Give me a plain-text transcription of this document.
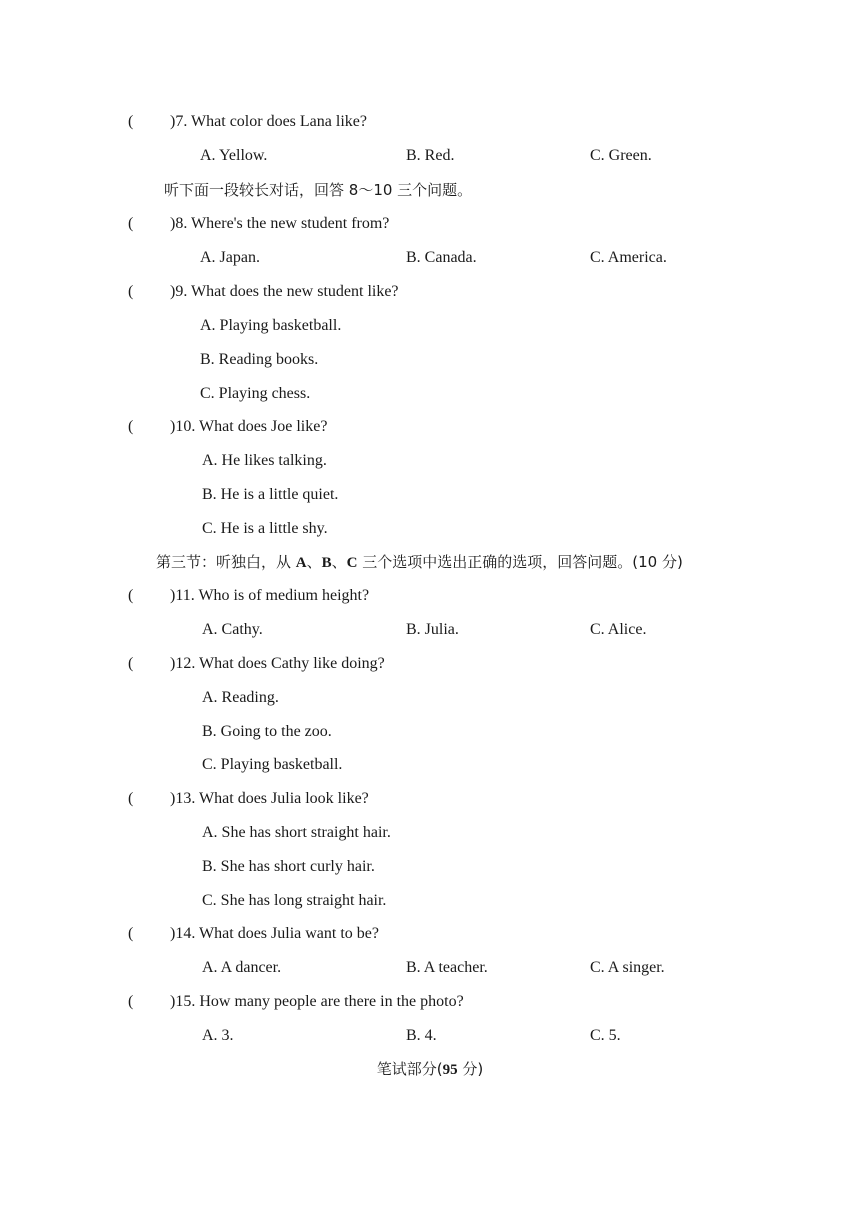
( )7. What color does Lana like?
A. Yellow.	B. Red.	C. Green.
听下面一段较长对话，回答 8～10 三个问题。
( )8. Where's the new student from?
A. Japan.	B. Canada.	C. America.
( )9. What does the new student like?
A. Playing basketball.
B. Reading books.
C. Playing chess.
( )10. What does Joe like?
A. He likes talking.
B. He is a little quiet.
C. He is a little shy.
第三节：听独白，从 A、B、C 三个选项中选出正确的选项，回答问题。(10 分)
( )11. Who is of medium height?
A. Cathy.	B. Julia.	C. Alice.
( )12. What does Cathy like doing?
A. Reading.
B. Going to the zoo.
C. Playing basketball.
( )13. What does Julia look like?
A. She has short straight hair.
B. She has short curly hair.
C. She has long straight hair.
( )14. What does Julia want to be?
A. A dancer.	B. A teacher.	C. A singer.
( )15. How many people are there in the photo?
A. 3.	B. 4.	C. 5.
笔试部分(95 分)
